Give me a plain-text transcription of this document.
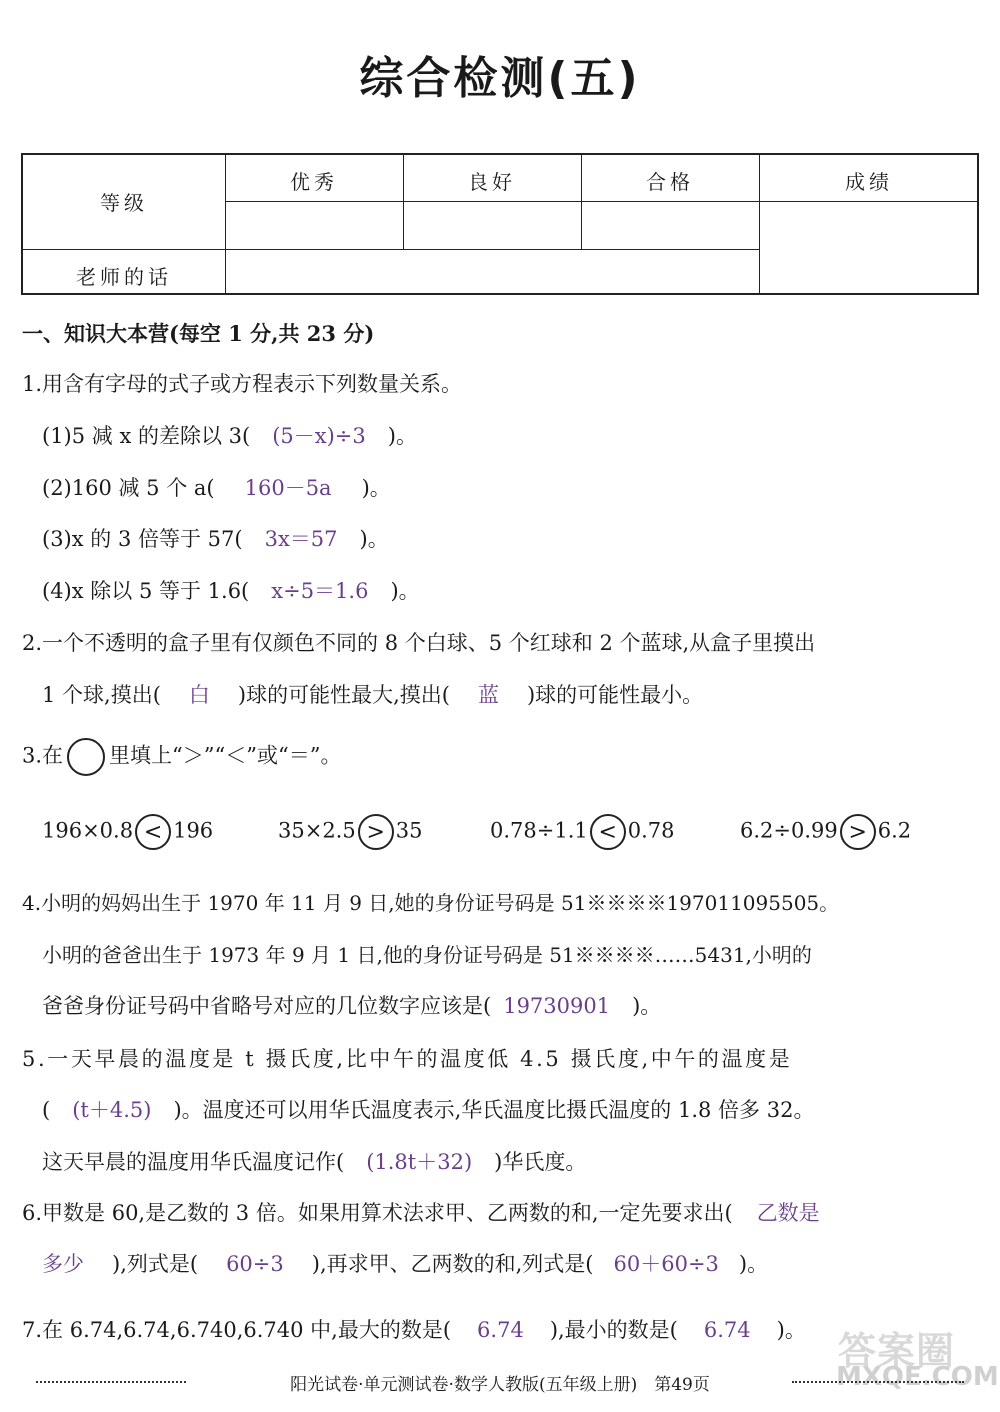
综合检测(五)
等级
优秀	良好	合格	成绩
老师的话
一、知识大本营(每空 1 分,共 23 分)
1.用含有字母的式子或方程表示下列数量关系。
(1)5 减 x 的差除以 3( (5－x)÷3 )。
(2)160 减 5 个 a( 160－5a )。
(3)x 的 3 倍等于 57( 3x＝57 )。
(4)x 除以 5 等于 1.6( x÷5＝1.6 )。
2.一个不透明的盒子里有仅颜色不同的 8 个白球、5 个红球和 2 个蓝球,从盒子里摸出
1 个球,摸出( 白 )球的可能性最大,摸出( 蓝 )球的可能性最小。
3.在 里填上“＞”“＜”或“＝”。
196×0.8 < 196	35×2.5 > 35	0.78÷1.1 < 0.78	6.2÷0.99 > 6.2
4.小明的妈妈出生于 1970 年 11 月 9 日,她的身份证号码是 51※※※※197011095505。
小明的爸爸出生于 1973 年 9 月 1 日,他的身份证号码是 51※※※※……5431,小明的
爸爸身份证号码中省略号对应的几位数字应该是( 19730901 )。
5.一天早晨的温度是 t 摄氏度,比中午的温度低 4.5 摄氏度,中午的温度是
( (t＋4.5) )。温度还可以用华氏温度表示,华氏温度比摄氏温度的 1.8 倍多 32。
这天早晨的温度用华氏温度记作( (1.8t＋32) )华氏度。
6.甲数是 60,是乙数的 3 倍。如果用算术法求甲、乙两数的和,一定先要求出( 乙数是
多少 ),列式是( 60÷3 ),再求甲、乙两数的和,列式是( 60＋60÷3 )。
7.在 6.74,6.74,6.740,6.740 中,最大的数是( 6.74 ),最小的数是( 6.74 )。 答案圈
MXQE.COM
阳光试卷·单元测试卷·数学人教版(五年级上册)　第49页
